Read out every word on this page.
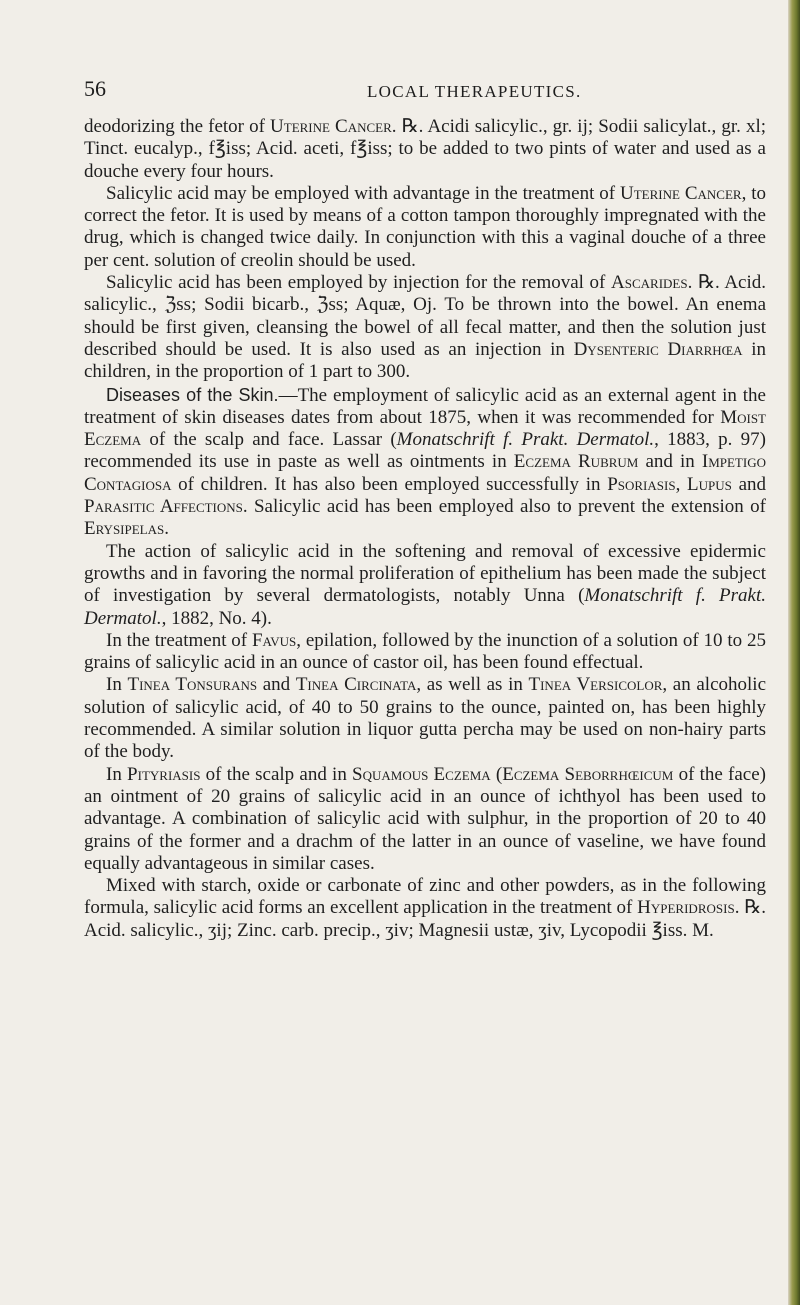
56	LOCAL THERAPEUTICS.

deodorizing the fetor of Uterine Cancer. ℞. Acidi salicylic., gr. ij; Sodii salicylat., gr. xl; Tinct. eucalyp., f℥iss; Acid. aceti, f℥iss; to be added to two pints of water and used as a douche every four hours.

Salicylic acid may be employed with advantage in the treatment of Uterine Cancer, to correct the fetor. It is used by means of a cotton tampon thoroughly impregnated with the drug, which is changed twice daily. In conjunction with this a vaginal douche of a three per cent. solution of creolin should be used.

Salicylic acid has been employed by injection for the removal of Ascarides. ℞. Acid. salicylic., ℨss; Sodii bicarb., ℨss; Aquæ, Oj. To be thrown into the bowel. An enema should be first given, cleansing the bowel of all fecal matter, and then the solution just described should be used. It is also used as an injection in Dysenteric Diarrhœa in children, in the proportion of 1 part to 300.

Diseases of the Skin.—The employment of salicylic acid as an external agent in the treatment of skin diseases dates from about 1875, when it was recommended for Moist Eczema of the scalp and face. Lassar (Monatschrift f. Prakt. Dermatol., 1883, p. 97) recommended its use in paste as well as ointments in Eczema Rubrum and in Impetigo Contagiosa of children. It has also been employed successfully in Psoriasis, Lupus and Parasitic Affections. Salicylic acid has been employed also to prevent the extension of Erysipelas.

The action of salicylic acid in the softening and removal of excessive epidermic growths and in favoring the normal proliferation of epithelium has been made the subject of investigation by several dermatologists, notably Unna (Monatschrift f. Prakt. Dermatol., 1882, No. 4).

In the treatment of Favus, epilation, followed by the inunction of a solution of 10 to 25 grains of salicylic acid in an ounce of castor oil, has been found effectual.

In Tinea Tonsurans and Tinea Circinata, as well as in Tinea Versicolor, an alcoholic solution of salicylic acid, of 40 to 50 grains to the ounce, painted on, has been highly recommended. A similar solution in liquor gutta percha may be used on non-hairy parts of the body.

In Pityriasis of the scalp and in Squamous Eczema (Eczema Seborrhœicum of the face) an ointment of 20 grains of salicylic acid in an ounce of ichthyol has been used to advantage. A combination of salicylic acid with sulphur, in the proportion of 20 to 40 grains of the former and a drachm of the latter in an ounce of vaseline, we have found equally advantageous in similar cases.

Mixed with starch, oxide or carbonate of zinc and other powders, as in the following formula, salicylic acid forms an excellent application in the treatment of Hyperidrosis. ℞. Acid. salicylic., ʒij; Zinc. carb. precip., ʒiv; Magnesii ustæ, ʒiv, Lycopodii ℥iss. M.
